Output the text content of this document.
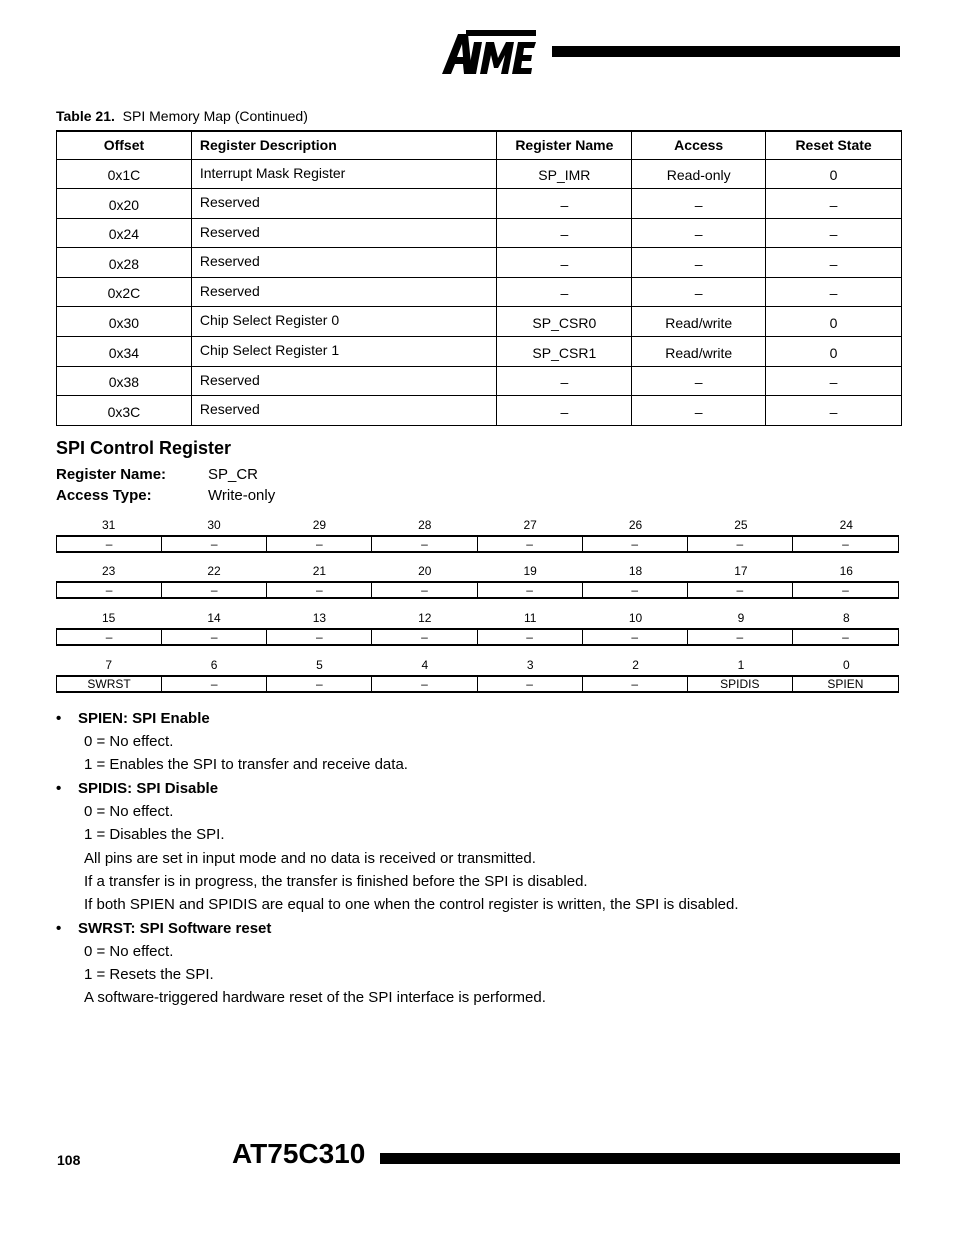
ATMEL
Table 21. SPI Memory Map (Continued)
Offset	Register Description	Register Name	Access	Reset State
0x1C	Interrupt Mask Register	SP_IMR	Read-only	0
0x20	Reserved	–	–	–
0x24	Reserved	–	–	–
0x28	Reserved	–	–	–
0x2C	Reserved	–	–	–
0x30	Chip Select Register 0	SP_CSR0	Read/write	0
0x34	Chip Select Register 1	SP_CSR1	Read/write	0
0x38	Reserved	–	–	–
0x3C	Reserved	–	–	–
SPI Control Register
Register Name:	SP_CR
Access Type:	Write-only
31	30	29	28	27	26	25	24
–	–	–	–	–	–	–	–
23	22	21	20	19	18	17	16
–	–	–	–	–	–	–	–
15	14	13	12	11	10	9	8
–	–	–	–	–	–	–	–
7	6	5	4	3	2	1	0
SWRST	–	–	–	–	–	SPIDIS	SPIEN
• SPIEN: SPI Enable
0 = No effect.
1 = Enables the SPI to transfer and receive data.
• SPIDIS: SPI Disable
0 = No effect.
1 = Disables the SPI.
All pins are set in input mode and no data is received or transmitted.
If a transfer is in progress, the transfer is finished before the SPI is disabled.
If both SPIEN and SPIDIS are equal to one when the control register is written, the SPI is disabled.
• SWRST: SPI Software reset
0 = No effect.
1 = Resets the SPI.
A software-triggered hardware reset of the SPI interface is performed.
108	AT75C310
